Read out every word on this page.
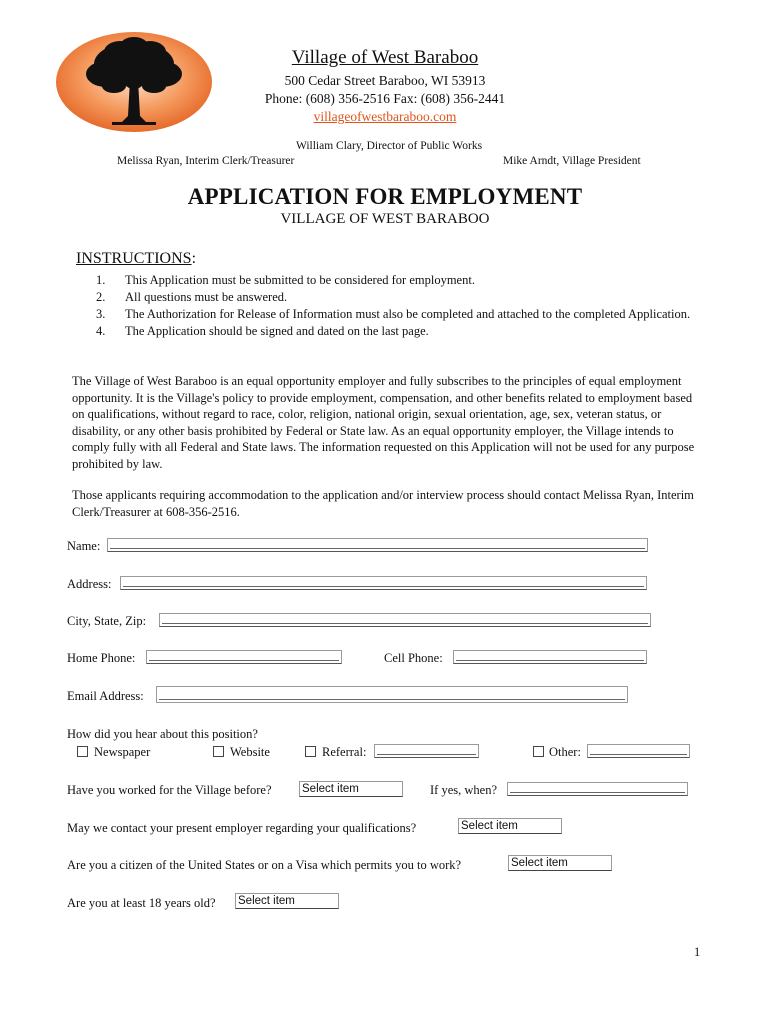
Village of West Baraboo
500 Cedar Street Baraboo, WI 53913
Phone: (608) 356-2516 Fax: (608) 356-2441
villageofwestbaraboo.com
William Clary, Director of Public Works
Melissa Ryan, Interim Clerk/Treasurer	Mike Arndt, Village President
APPLICATION FOR EMPLOYMENT
VILLAGE OF WEST BARABOO
INSTRUCTIONS:
1.	This Application must be submitted to be considered for employment.
2.	All questions must be answered.
3.	The Authorization for Release of Information must also be completed and attached to the completed Application.
4.	The Application should be signed and dated on the last page.
The Village of West Baraboo is an equal opportunity employer and fully subscribes to the principles of equal employment opportunity. It is the Village's policy to provide employment, compensation, and other benefits related to employment based on qualifications, without regard to race, color, religion, national origin, sexual orientation, age, sex, veteran status, or disability, or any other basis prohibited by Federal or State law. As an equal opportunity employer, the Village intends to comply fully with all Federal and State laws. The information requested on this Application will not be used for any purpose prohibited by law.
Those applicants requiring accommodation to the application and/or interview process should contact Melissa Ryan, Interim Clerk/Treasurer at 608-356-2516.
Name:
Address:
City, State, Zip:
Home Phone:	Cell Phone:
Email Address:
How did you hear about this position?
Newspaper	Website	Referral:	Other:
Have you worked for the Village before?	Select item	If yes, when?
May we contact your present employer regarding your qualifications?	Select item
Are you a citizen of the United States or on a Visa which permits you to work?	Select item
Are you at least 18 years old? Select item
1
